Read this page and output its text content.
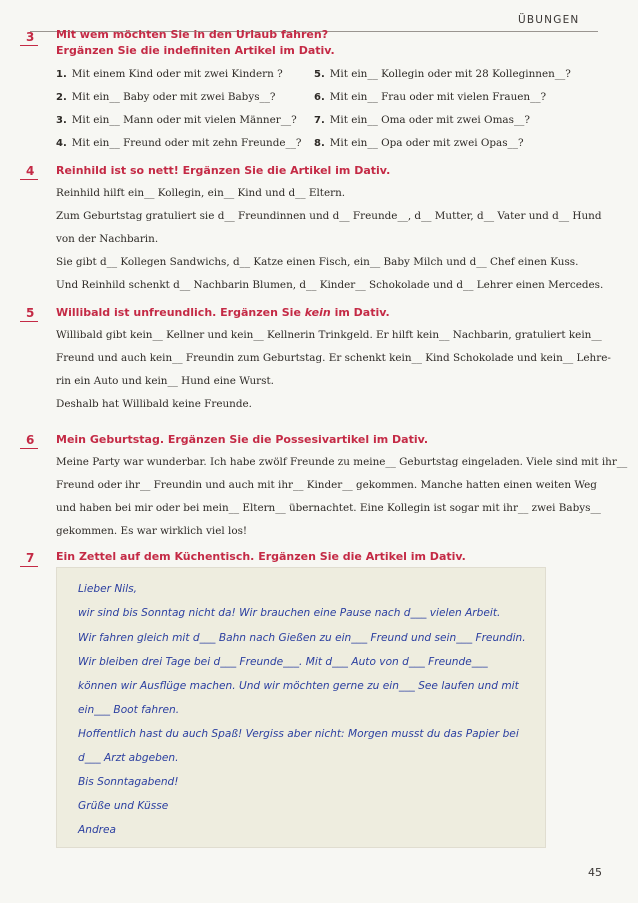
ÜBUNGEN
3	Mit wem möchten Sie in den Urlaub fahren?
Ergänzen Sie die indefiniten Artikel im Dativ.
1. Mit einem Kind oder mit zwei Kindern ?
2. Mit ein__ Baby oder mit zwei Babys__?
3. Mit ein__ Mann oder mit vielen Männer__?
4. Mit ein__ Freund oder mit zehn Freunde__?
5. Mit ein__ Kollegin oder mit 28 Kolleginnen__?
6. Mit ein__ Frau oder mit vielen Frauen__?
7. Mit ein__ Oma oder mit zwei Omas__?
8. Mit ein__ Opa oder mit zwei Opas__?
4	Reinhild ist so nett! Ergänzen Sie die Artikel im Dativ.
Reinhild hilft ein__ Kollegin, ein__ Kind und d__ Eltern.
Zum Geburtstag gratuliert sie d__ Freundinnen und d__ Freunde__, d__ Mutter, d__ Vater und d__ Hund
von der Nachbarin.
Sie gibt d__ Kollegen Sandwichs, d__ Katze einen Fisch, ein__ Baby Milch und d__ Chef einen Kuss.
Und Reinhild schenkt d__ Nachbarin Blumen, d__ Kinder__ Schokolade und d__ Lehrer einen Mercedes.
5	Willibald ist unfreundlich. Ergänzen Sie kein im Dativ.
Willibald gibt kein__ Kellner und kein__ Kellnerin Trinkgeld. Er hilft kein__ Nachbarin, gratuliert kein__
Freund und auch kein__ Freundin zum Geburtstag. Er schenkt kein__ Kind Schokolade und kein__ Lehre-
rin ein Auto und kein__ Hund eine Wurst.
Deshalb hat Willibald keine Freunde.
6	Mein Geburtstag. Ergänzen Sie die Possesivartikel im Dativ.
Meine Party war wunderbar. Ich habe zwölf Freunde zu meine__ Geburtstag eingeladen. Viele sind mit ihr__
Freund oder ihr__ Freundin und auch mit ihr__ Kinder__ gekommen. Manche hatten einen weiten Weg
und haben bei mir oder bei mein__ Eltern__ übernachtet. Eine Kollegin ist sogar mit ihr__ zwei Babys__
gekommen. Es war wirklich viel los!
7	Ein Zettel auf dem Küchentisch. Ergänzen Sie die Artikel im Dativ.
Lieber Nils,
wir sind bis Sonntag nicht da! Wir brauchen eine Pause nach d___ vielen Arbeit.
Wir fahren gleich mit d___ Bahn nach Gießen zu ein___ Freund und sein___ Freundin.
Wir bleiben drei Tage bei d___ Freunde___. Mit d___ Auto von d___ Freunde___
können wir Ausflüge machen. Und wir möchten gerne zu ein___ See laufen und mit
ein___ Boot fahren.
Hoffentlich hast du auch Spaß! Vergiss aber nicht: Morgen musst du das Papier bei
d___ Arzt abgeben.
Bis Sonntagabend!
Grüße und Küsse
Andrea
45
